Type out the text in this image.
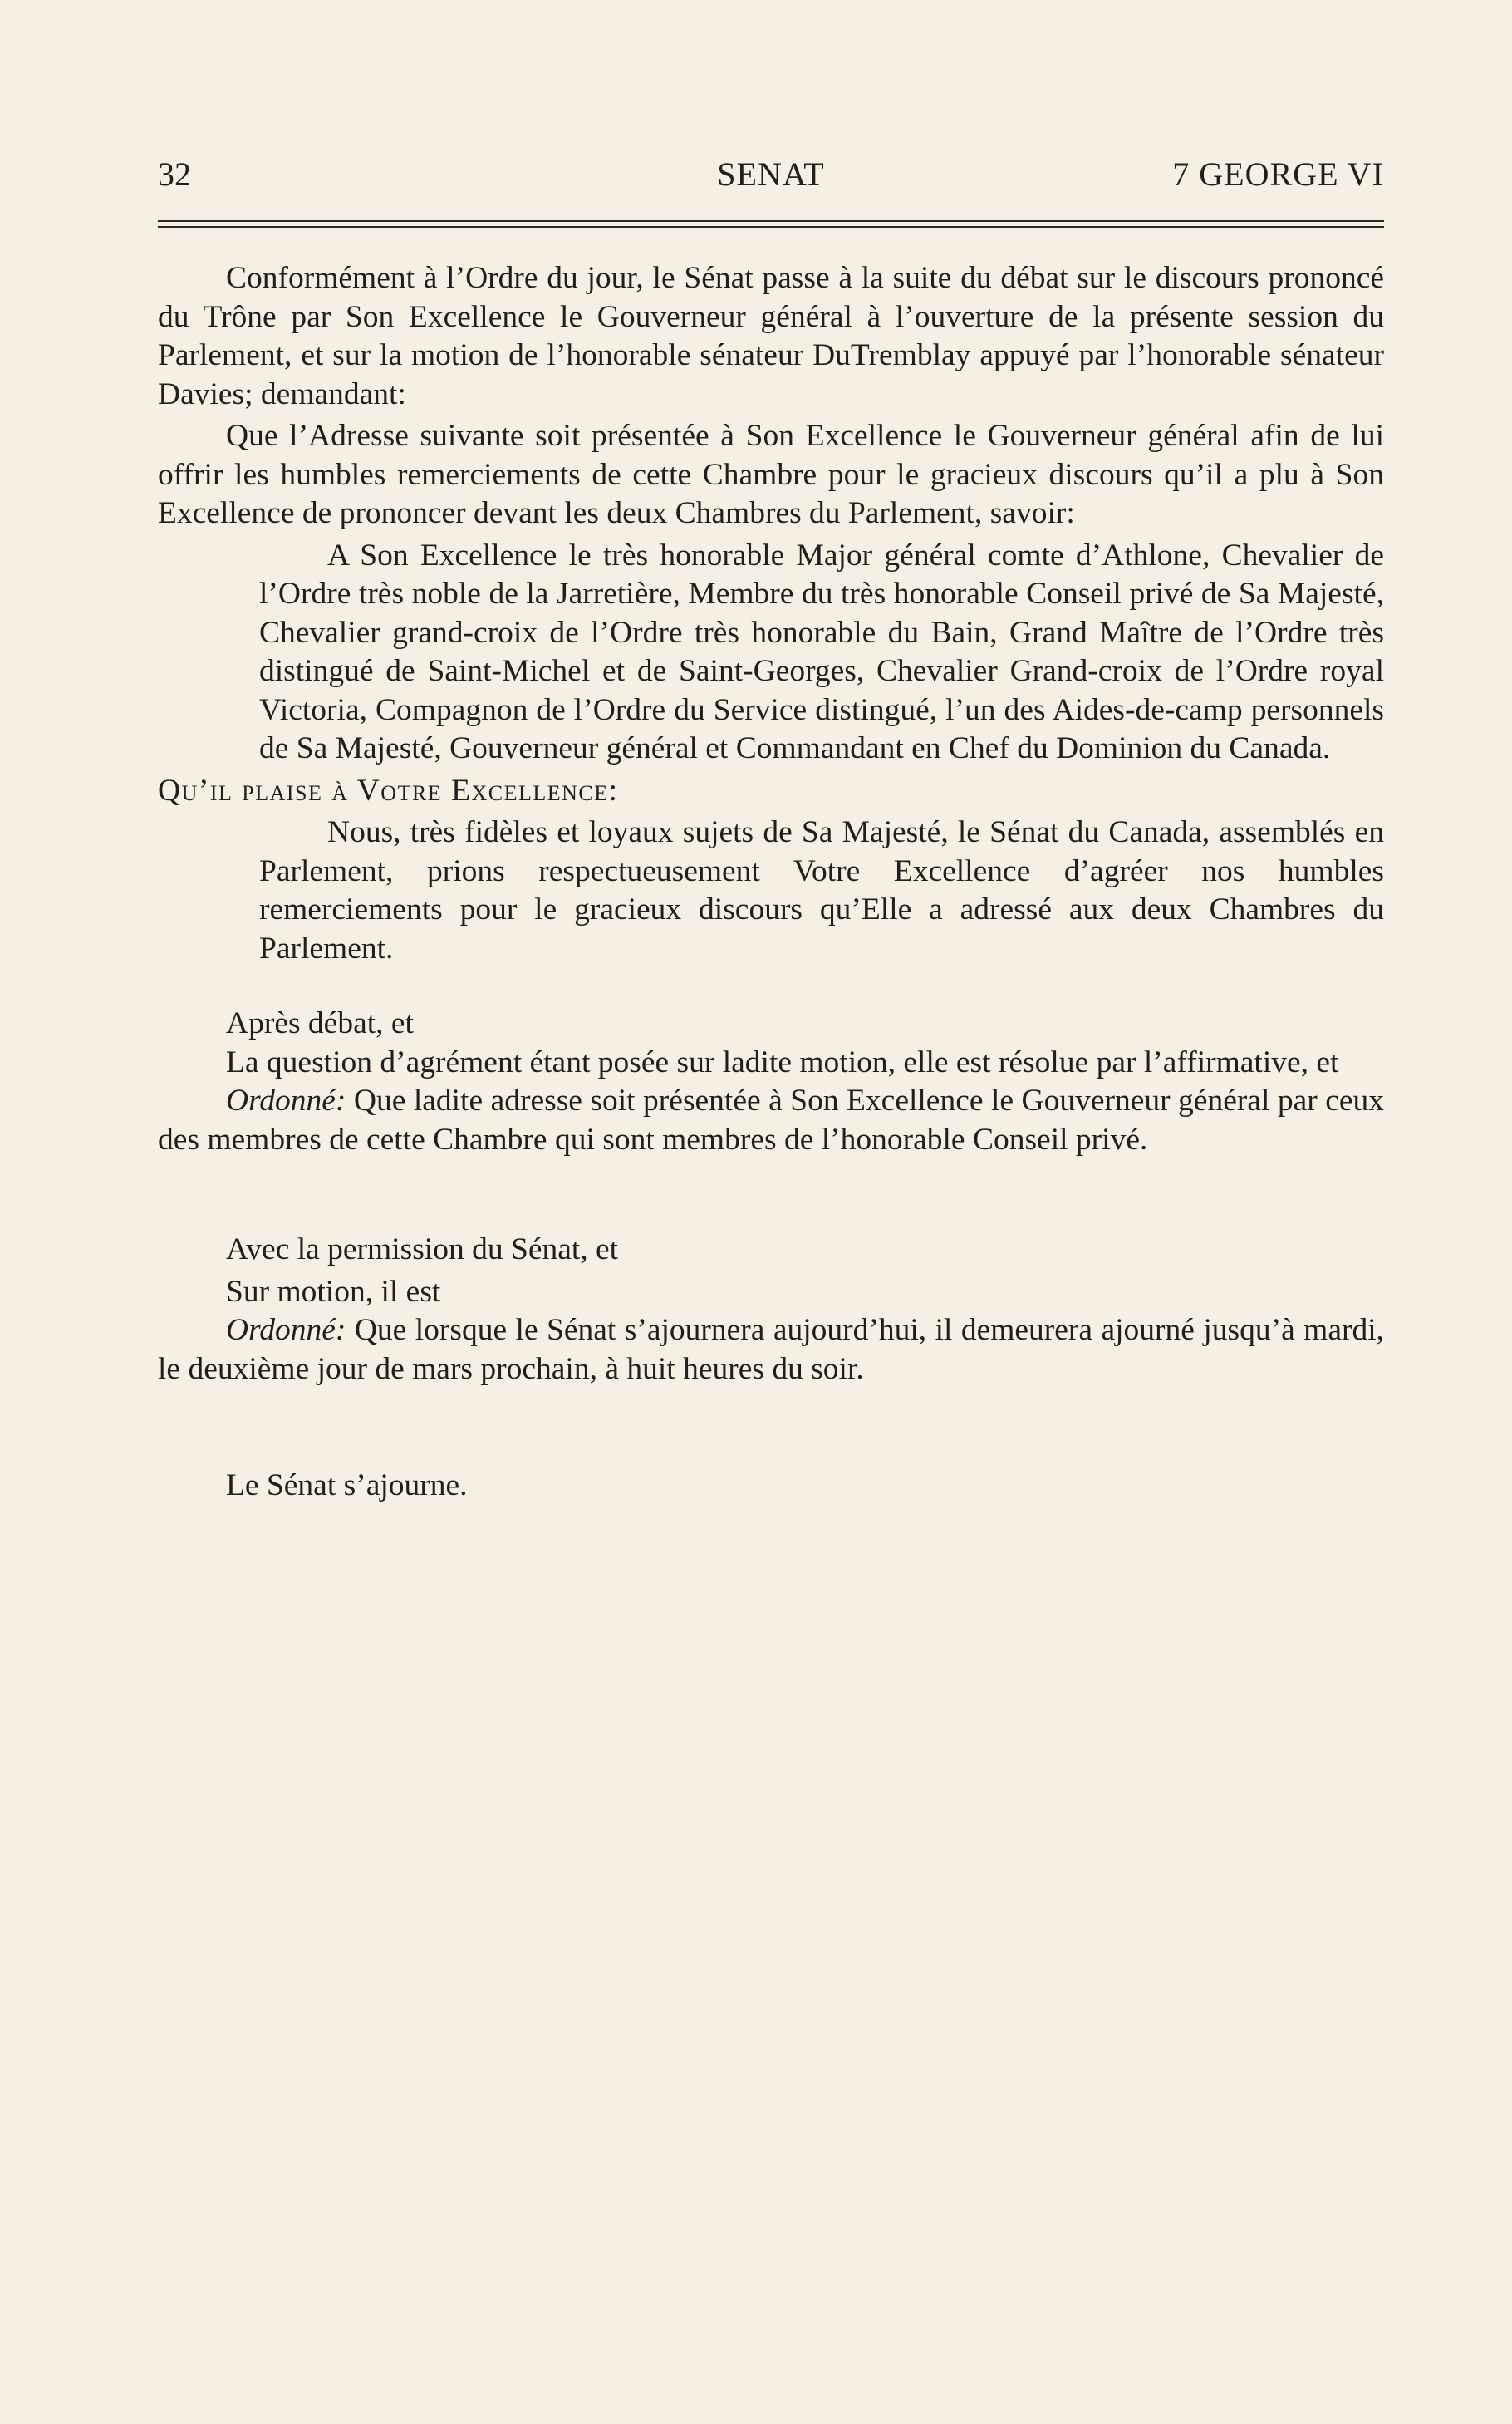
32	SENAT	7 GEORGE VI

Conformément à l’Ordre du jour, le Sénat passe à la suite du débat sur le discours prononcé du Trône par Son Excellence le Gouverneur général à l’ouverture de la présente session du Parlement, et sur la motion de l’honorable sénateur DuTremblay appuyé par l’honorable sénateur Davies; demandant:

Que l’Adresse suivante soit présentée à Son Excellence le Gouverneur général afin de lui offrir les humbles remerciements de cette Chambre pour le gracieux discours qu’il a plu à Son Excellence de prononcer devant les deux Chambres du Parlement, savoir:

A Son Excellence le très honorable Major général comte d’Athlone, Chevalier de l’Ordre très noble de la Jarretière, Membre du très honorable Conseil privé de Sa Majesté, Chevalier grand-croix de l’Ordre très honorable du Bain, Grand Maître de l’Ordre très distingué de Saint-Michel et de Saint-Georges, Chevalier Grand-croix de l’Ordre royal Victoria, Compagnon de l’Ordre du Service distingué, l’un des Aides-de-camp personnels de Sa Majesté, Gouverneur général et Commandant en Chef du Dominion du Canada.

Qu’il plaise à Votre Excellence:

Nous, très fidèles et loyaux sujets de Sa Majesté, le Sénat du Canada, assemblés en Parlement, prions respectueusement Votre Excellence d’agréer nos humbles remerciements pour le gracieux discours qu’Elle a adressé aux deux Chambres du Parlement.

Après débat, et

La question d’agrément étant posée sur ladite motion, elle est résolue par l’affirmative, et

Ordonné: Que ladite adresse soit présentée à Son Excellence le Gouverneur général par ceux des membres de cette Chambre qui sont membres de l’honorable Conseil privé.

Avec la permission du Sénat, et

Sur motion, il est

Ordonné: Que lorsque le Sénat s’ajournera aujourd’hui, il demeurera ajourné jusqu’à mardi, le deuxième jour de mars prochain, à huit heures du soir.

Le Sénat s’ajourne.
